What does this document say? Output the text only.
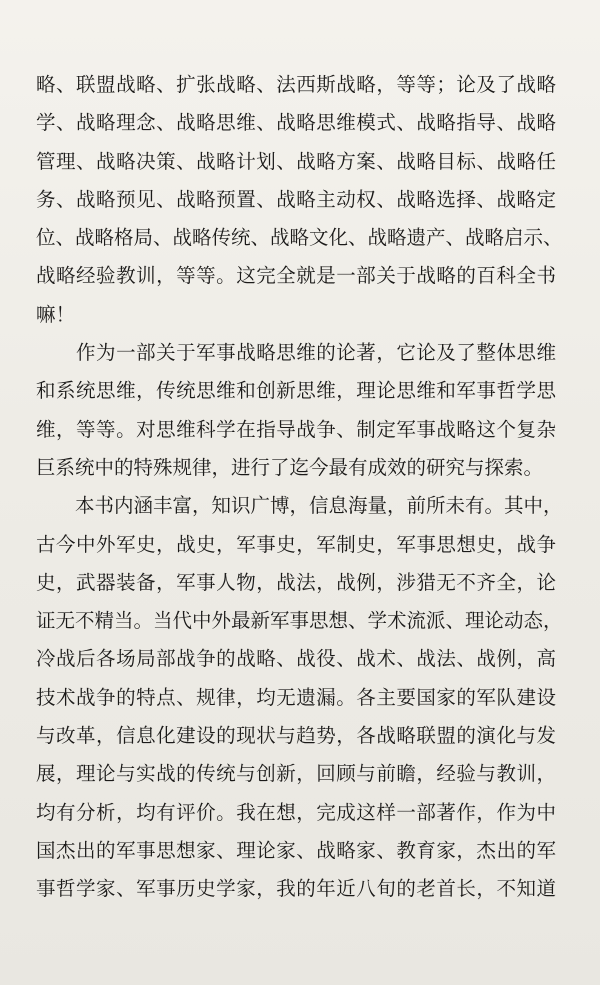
略、联盟战略、扩张战略、法西斯战略，等等；论及了战略
学、战略理念、战略思维、战略思维模式、战略指导、战略
管理、战略决策、战略计划、战略方案、战略目标、战略任
务、战略预见、战略预置、战略主动权、战略选择、战略定
位、战略格局、战略传统、战略文化、战略遗产、战略启示、
战略经验教训，等等。这完全就是一部关于战略的百科全书
嘛！
　　作为一部关于军事战略思维的论著，它论及了整体思维
和系统思维，传统思维和创新思维，理论思维和军事哲学思
维，等等。对思维科学在指导战争、制定军事战略这个复杂
巨系统中的特殊规律，进行了迄今最有成效的研究与探索。
　　本书内涵丰富，知识广博，信息海量，前所未有。其中，
古今中外军史，战史，军事史，军制史，军事思想史，战争
史，武器装备，军事人物，战法，战例，涉猎无不齐全，论
证无不精当。当代中外最新军事思想、学术流派、理论动态，
冷战后各场局部战争的战略、战役、战术、战法、战例，高
技术战争的特点、规律，均无遗漏。各主要国家的军队建设
与改革，信息化建设的现状与趋势，各战略联盟的演化与发
展，理论与实战的传统与创新，回顾与前瞻，经验与教训，
均有分析，均有评价。我在想，完成这样一部著作，作为中
国杰出的军事思想家、理论家、战略家、教育家，杰出的军
事哲学家、军事历史学家，我的年近八旬的老首长，不知道
